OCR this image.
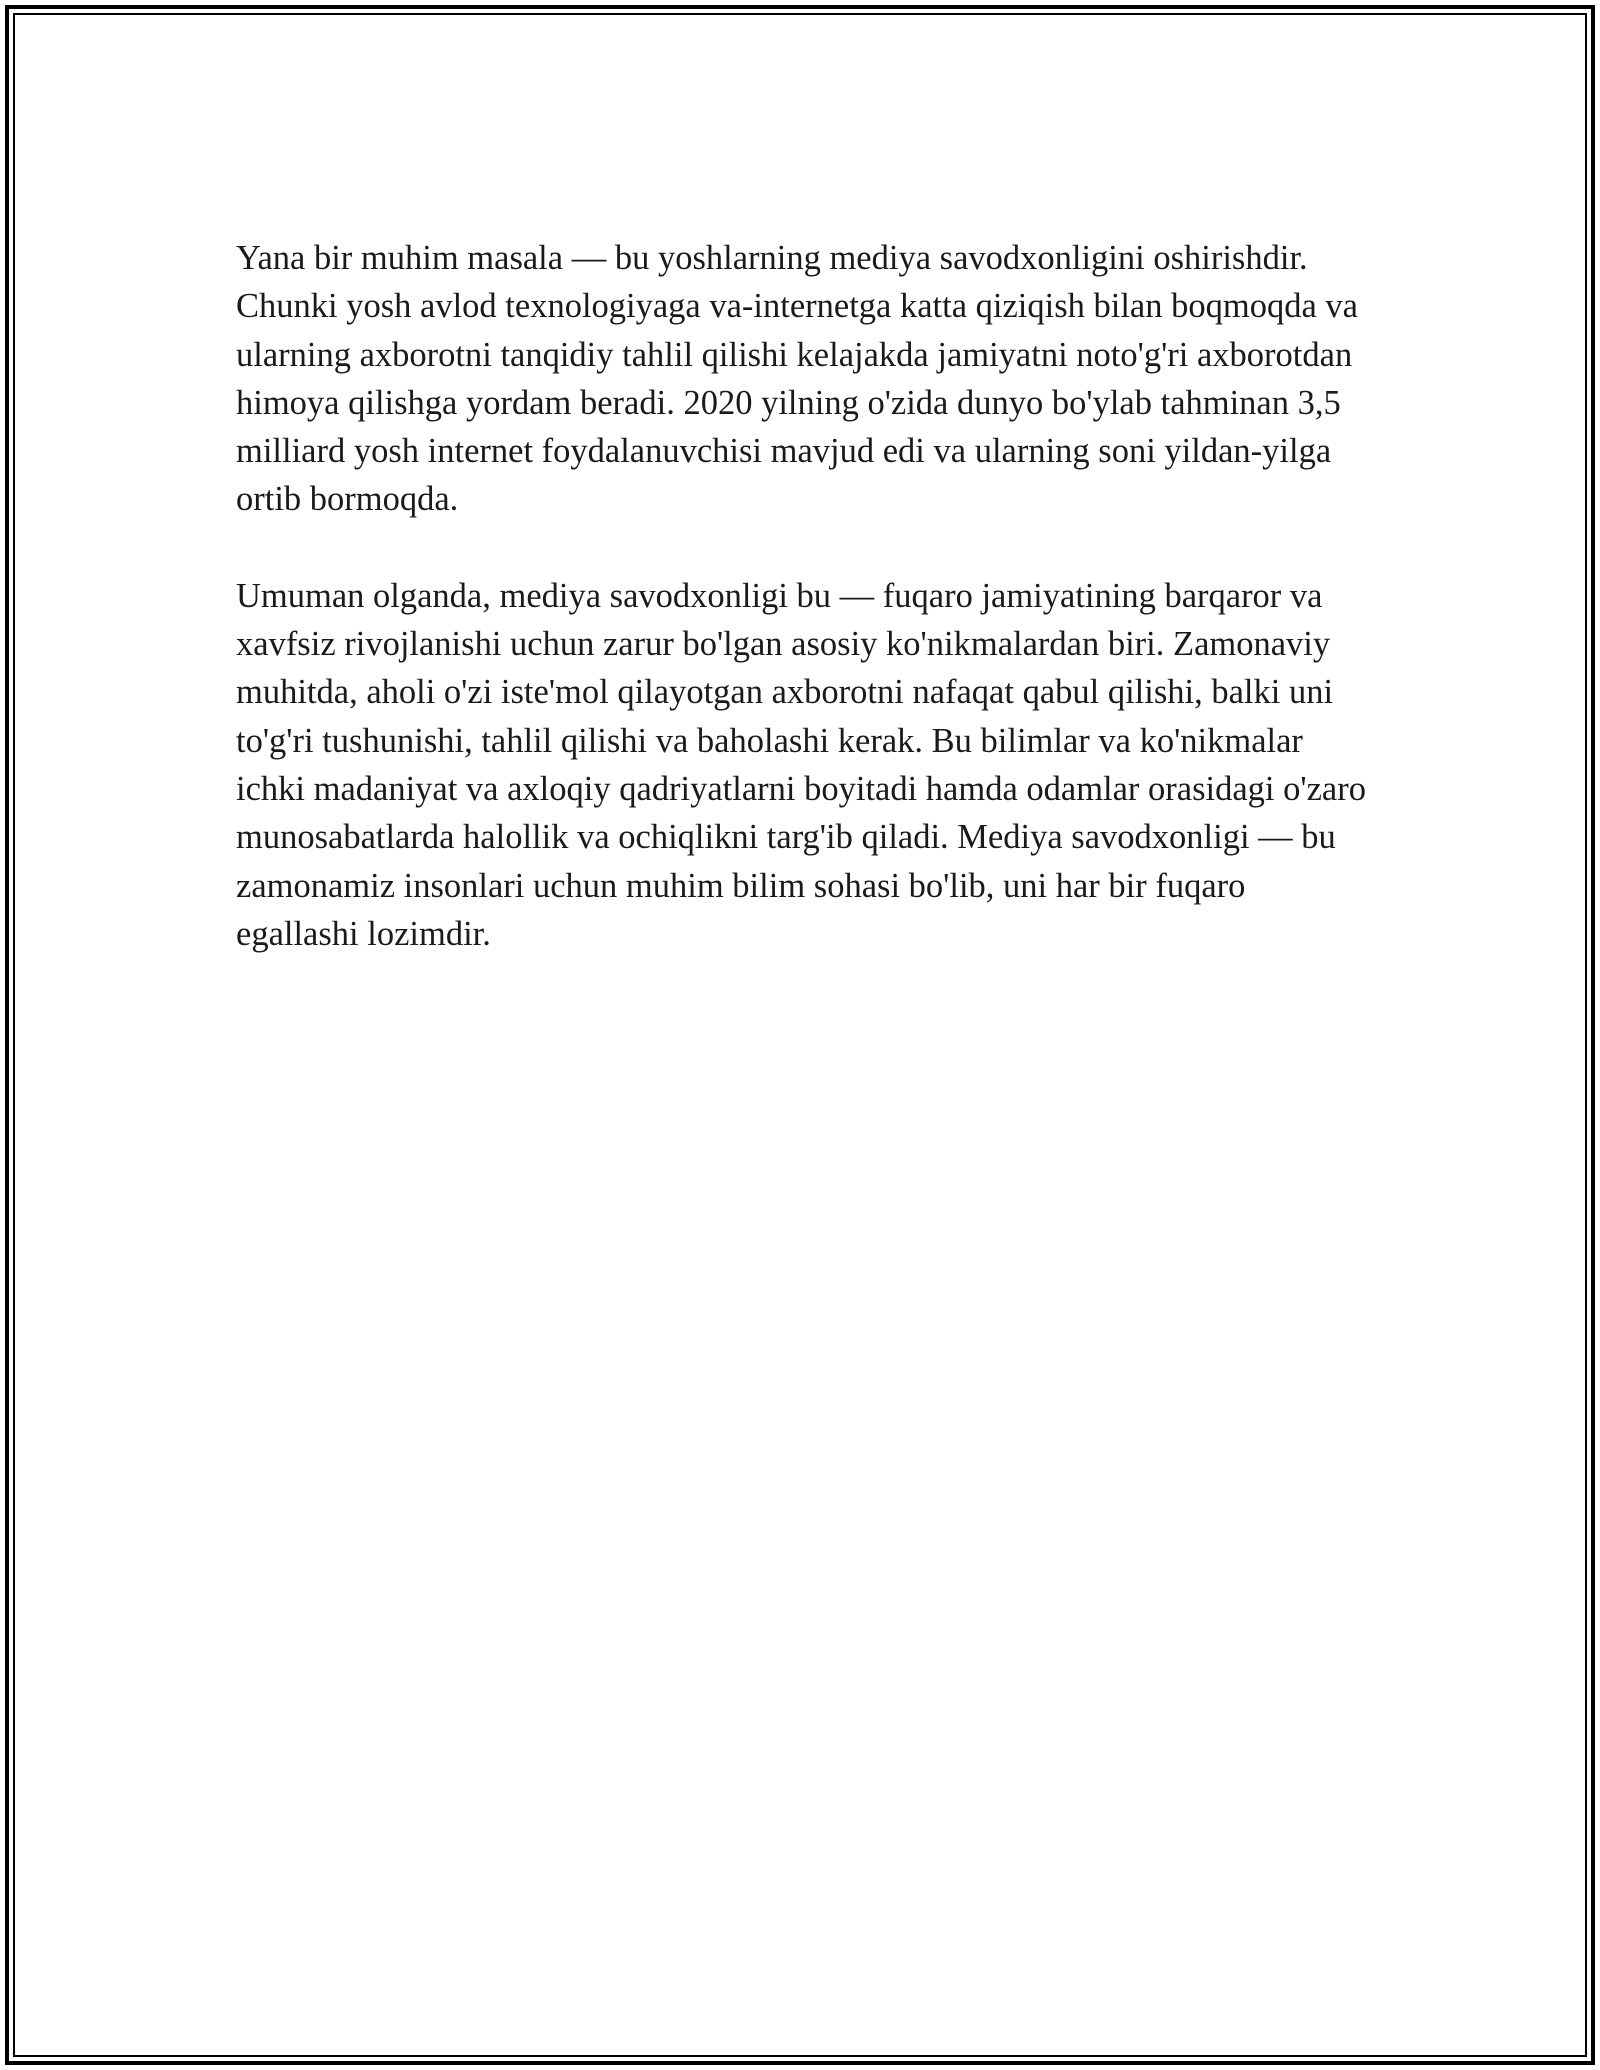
Yana bir muhim masala — bu yoshlarning mediya savodxonligini oshirishdir. Chunki yosh avlod texnologiyaga va-internetga katta qiziqish bilan boqmoqda va ularning axborotni tanqidiy tahlil qilishi kelajakda jamiyatni noto'g'ri axborotdan himoya qilishga yordam beradi. 2020 yilning o'zida dunyo bo'ylab tahminan 3,5 milliard yosh internet foydalanuvchisi mavjud edi va ularning soni yildan-yilga ortib bormoqda.

Umuman olganda, mediya savodxonligi bu — fuqaro jamiyatining barqaror va xavfsiz rivojlanishi uchun zarur bo'lgan asosiy ko'nikmalardan biri. Zamonaviy muhitda, aholi o'zi iste'mol qilayotgan axborotni nafaqat qabul qilishi, balki uni to'g'ri tushunishi, tahlil qilishi va baholashi kerak. Bu bilimlar va ko'nikmalar ichki madaniyat va axloqiy qadriyatlarni boyitadi hamda odamlar orasidagi o'zaro munosabatlarda halollik va ochiqlikni targ'ib qiladi. Mediya savodxonligi — bu zamonamiz insonlari uchun muhim bilim sohasi bo'lib, uni har bir fuqaro egallashi lozimdir.
